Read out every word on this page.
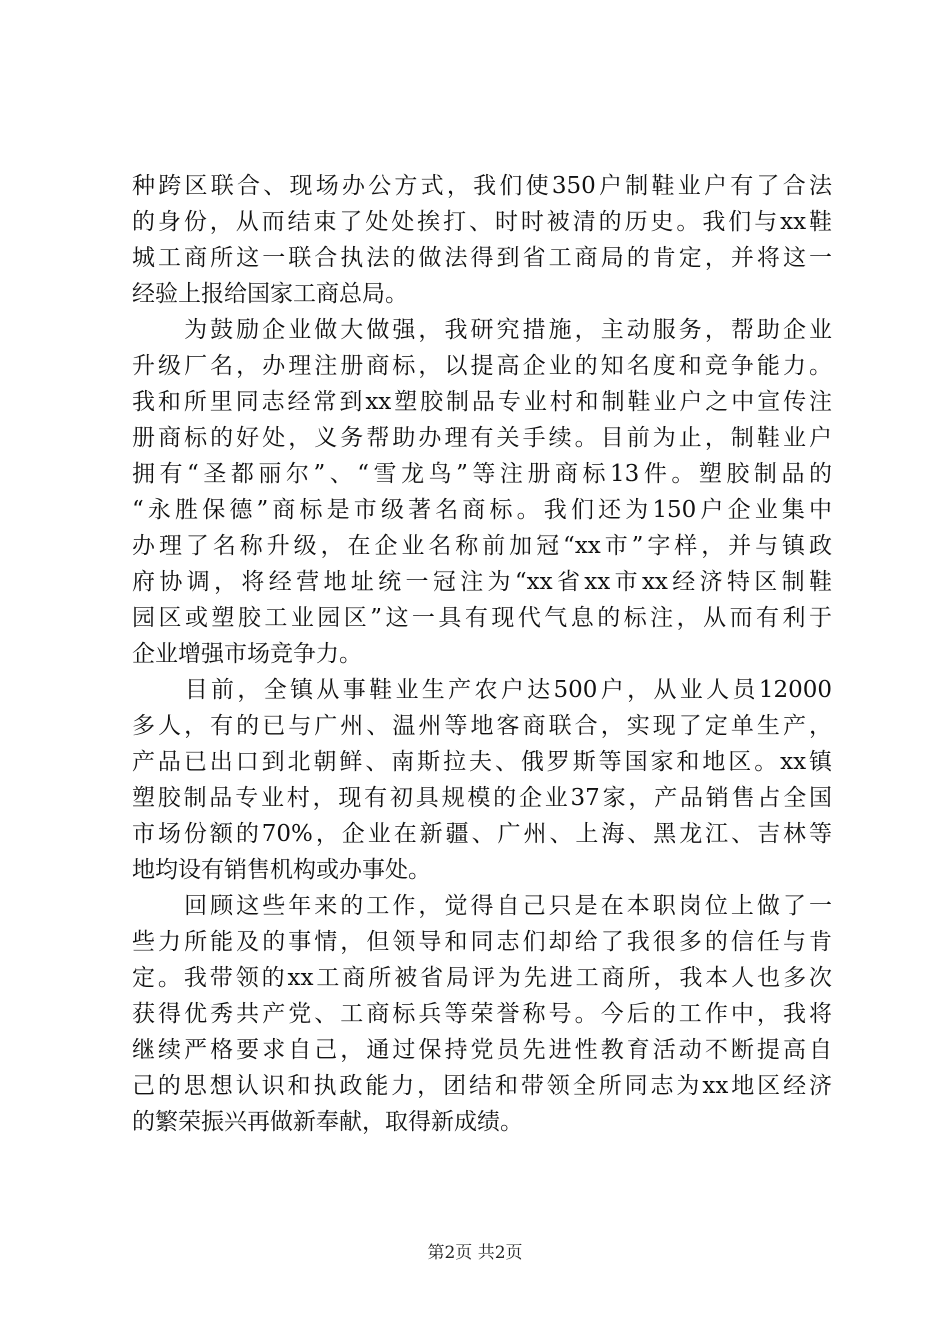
种跨区联合、现场办公方式，我们使350户制鞋业户有了合法
的身份，从而结束了处处挨打、时时被清的历史。我们与xx鞋
城工商所这一联合执法的做法得到省工商局的肯定，并将这一
经验上报给国家工商总局。
　　为鼓励企业做大做强，我研究措施，主动服务，帮助企业
升级厂名，办理注册商标，以提高企业的知名度和竞争能力。
我和所里同志经常到xx塑胶制品专业村和制鞋业户之中宣传注
册商标的好处，义务帮助办理有关手续。目前为止，制鞋业户
拥有“圣都丽尔”、“雪龙鸟”等注册商标13件。塑胶制品的
“永胜保德”商标是市级著名商标。我们还为150户企业集中
办理了名称升级，在企业名称前加冠“xx市”字样，并与镇政
府协调，将经营地址统一冠注为“xx省xx市xx经济特区制鞋
园区或塑胶工业园区”这一具有现代气息的标注，从而有利于
企业增强市场竞争力。
　　目前，全镇从事鞋业生产农户达500户，从业人员12000
多人，有的已与广州、温州等地客商联合，实现了定单生产，
产品已出口到北朝鲜、南斯拉夫、俄罗斯等国家和地区。xx镇
塑胶制品专业村，现有初具规模的企业37家，产品销售占全国
市场份额的70%，企业在新疆、广州、上海、黑龙江、吉林等
地均设有销售机构或办事处。
　　回顾这些年来的工作，觉得自己只是在本职岗位上做了一
些力所能及的事情，但领导和同志们却给了我很多的信任与肯
定。我带领的xx工商所被省局评为先进工商所，我本人也多次
获得优秀共产党、工商标兵等荣誉称号。今后的工作中，我将
继续严格要求自己，通过保持党员先进性教育活动不断提高自
己的思想认识和执政能力，团结和带领全所同志为xx地区经济
的繁荣振兴再做新奉献，取得新成绩。
第2页 共2页
